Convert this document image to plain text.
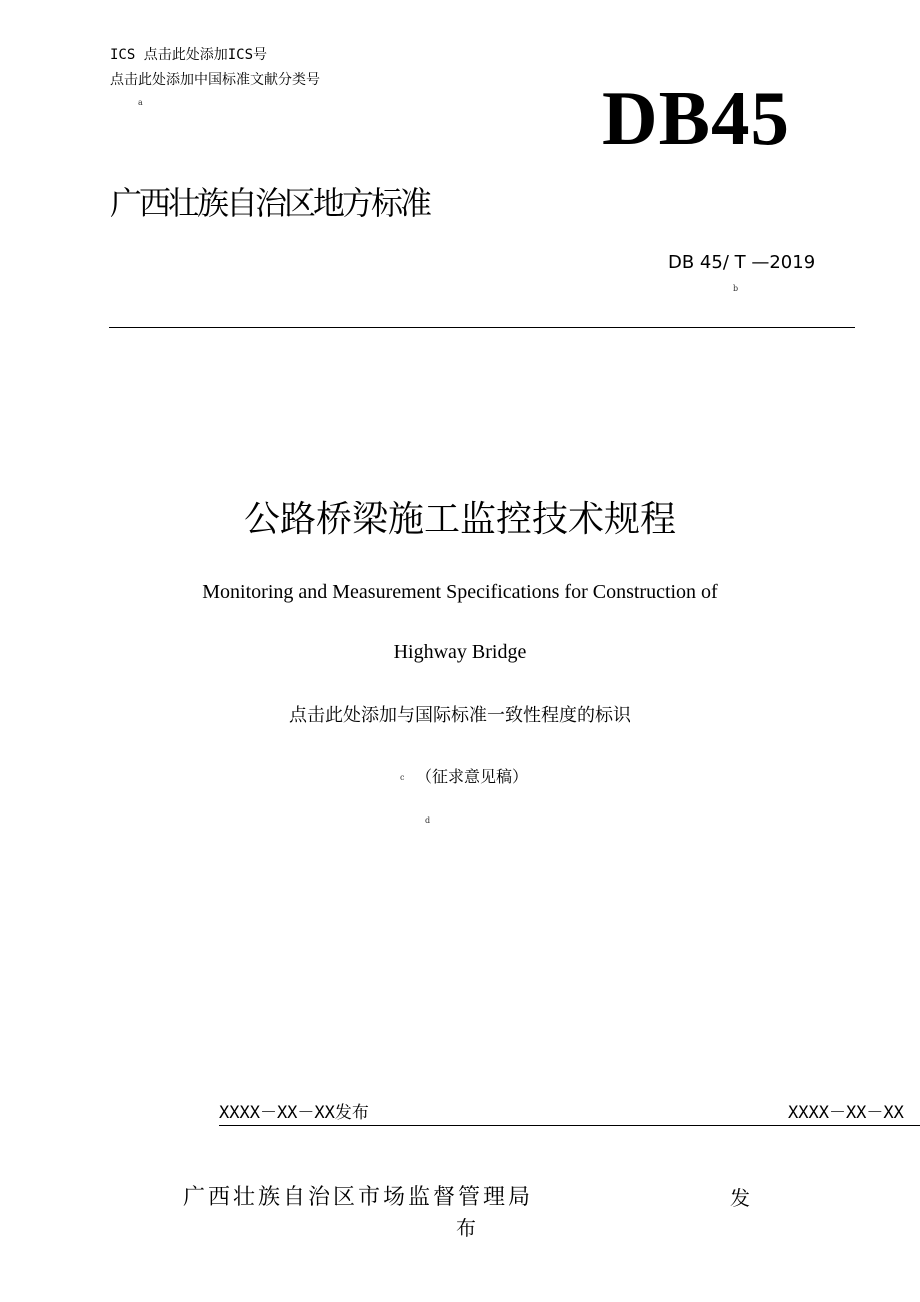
ICS 点击此处添加ICS号
点击此处添加中国标准文献分类号
a	DB45
广西壮族自治区地方标准
DB 45/ T —2019
b
公路桥梁施工监控技术规程
Monitoring and Measurement Specifications for Construction of
Highway Bridge
点击此处添加与国际标准一致性程度的标识
c （征求意见稿）
d
XXXX－XX－XX发布	XXXX－XX－XX
广西壮族自治区市场监督管理局	发
布
